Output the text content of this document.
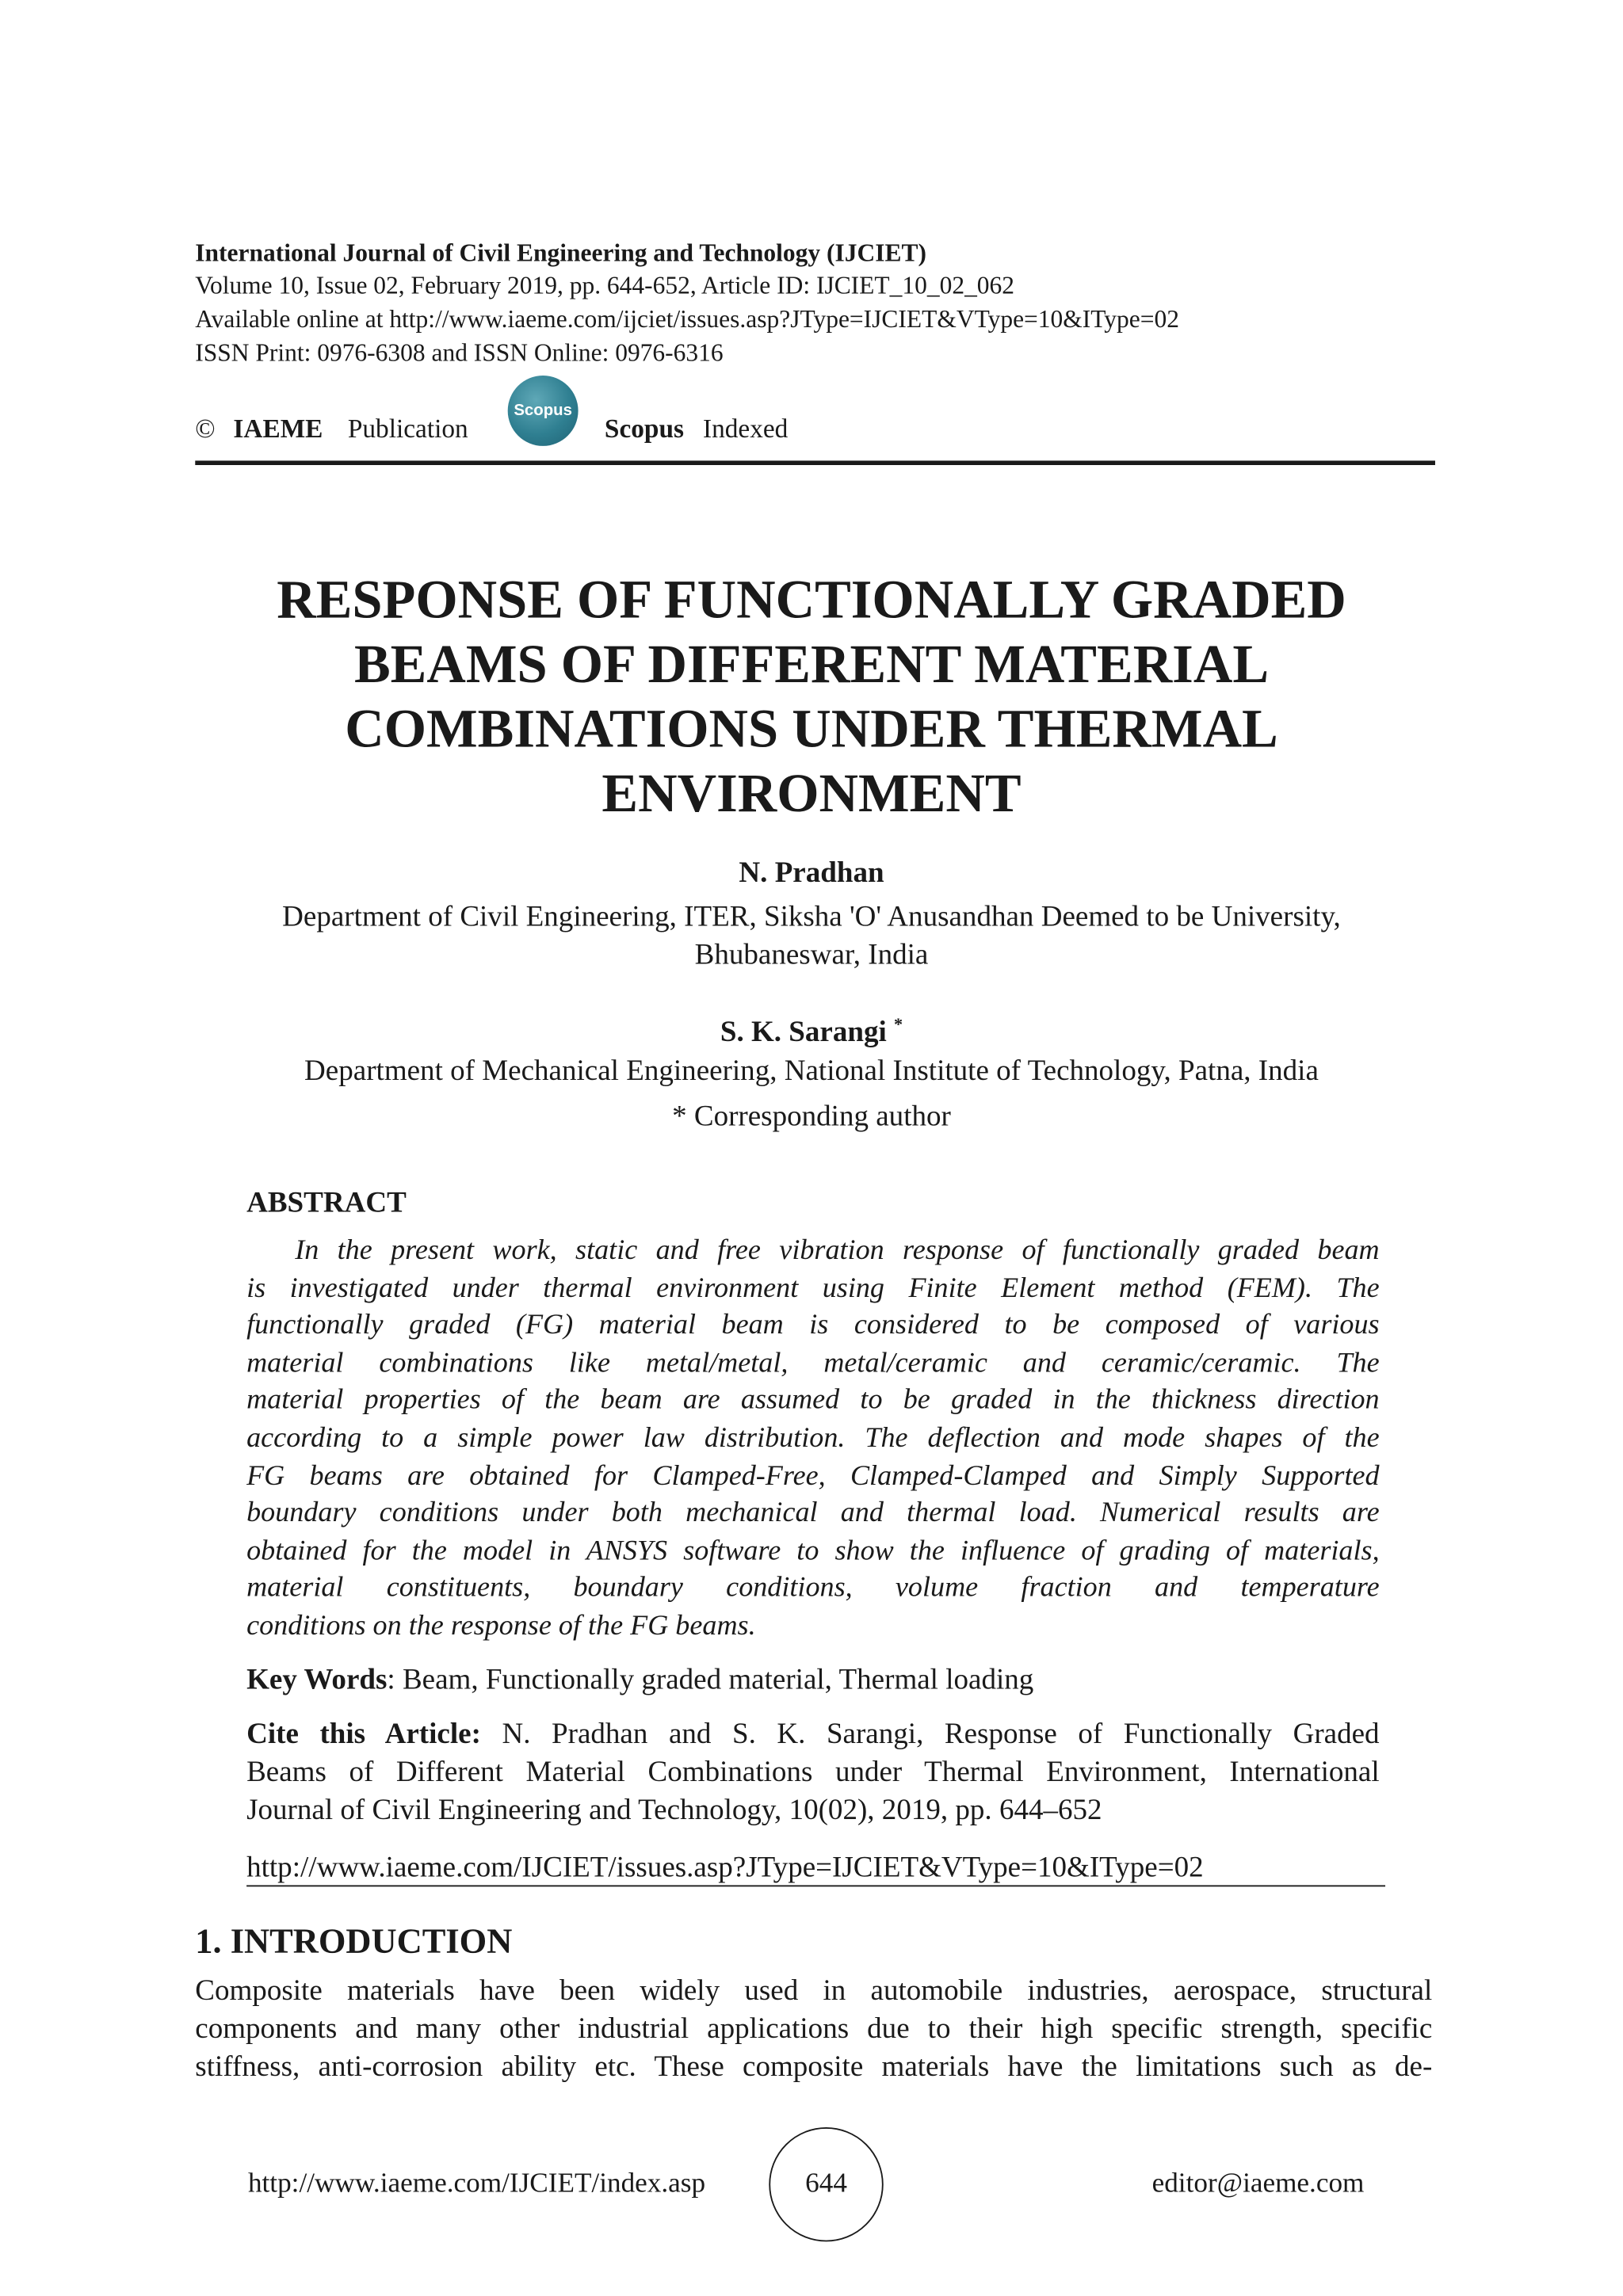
International Journal of Civil Engineering and Technology (IJCIET)
Volume 10, Issue 02, February 2019, pp. 644-652, Article ID: IJCIET_10_02_062
Available online at http://www.iaeme.com/ijciet/issues.asp?JType=IJCIET&VType=10&IType=02
ISSN Print: 0976-6308 and ISSN Online: 0976-6316
© IAEME Publication
Scopus
Scopus Indexed
RESPONSE OF FUNCTIONALLY GRADED
BEAMS OF DIFFERENT MATERIAL
COMBINATIONS UNDER THERMAL
ENVIRONMENT
N. Pradhan
Department of Civil Engineering, ITER, Siksha 'O' Anusandhan Deemed to be University,
Bhubaneswar, India
S. K. Sarangi *
Department of Mechanical Engineering, National Institute of Technology, Patna, India
* Corresponding author
ABSTRACT
In the present work, static and free vibration response of functionally graded beam
is investigated under thermal environment using Finite Element method (FEM). The
functionally graded (FG) material beam is considered to be composed of various
material combinations like metal/metal, metal/ceramic and ceramic/ceramic. The
material properties of the beam are assumed to be graded in the thickness direction
according to a simple power law distribution. The deflection and mode shapes of the
FG beams are obtained for Clamped-Free, Clamped-Clamped and Simply Supported
boundary conditions under both mechanical and thermal load. Numerical results are
obtained for the model in ANSYS software to show the influence of grading of materials,
material constituents, boundary conditions, volume fraction and temperature
conditions on the response of the FG beams.
Key Words: Beam, Functionally graded material, Thermal loading
Cite this Article: N. Pradhan and S. K. Sarangi, Response of Functionally Graded
Beams of Different Material Combinations under Thermal Environment, International
Journal of Civil Engineering and Technology, 10(02), 2019, pp. 644–652
http://www.iaeme.com/IJCIET/issues.asp?JType=IJCIET&VType=10&IType=02
1. INTRODUCTION
Composite materials have been widely used in automobile industries, aerospace, structural
components and many other industrial applications due to their high specific strength, specific
stiffness, anti-corrosion ability etc. These composite materials have the limitations such as de-
http://www.iaeme.com/IJCIET/index.asp	644	editor@iaeme.com
